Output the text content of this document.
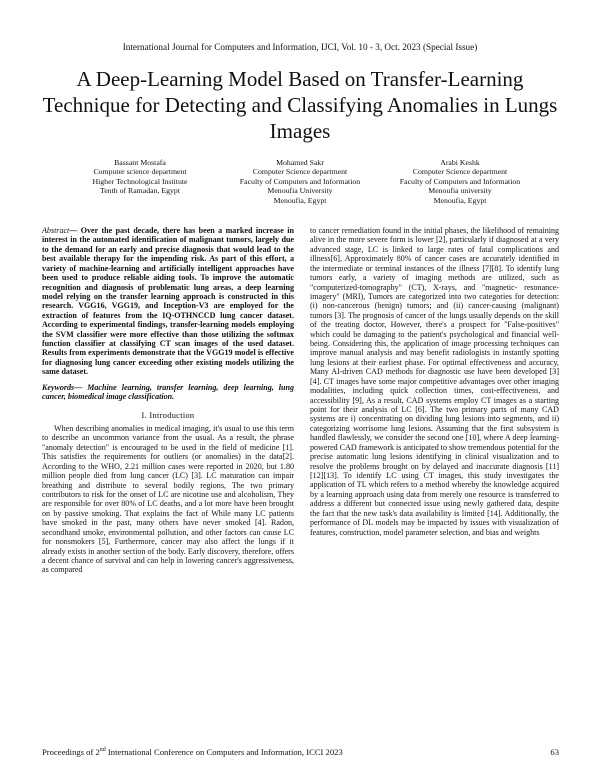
International Journal for Computers and Information, IJCI, Vol. 10 - 3, Oct. 2023 (Special Issue)
A Deep-Learning Model Based on Transfer-Learning Technique for Detecting and Classifying Anomalies in Lungs Images
Bassant Mostafa
Computer science department
Higher Technological Institute
Tenth of Ramadan, Egypt
Mohamed Sakr
Computer Science department
Faculty of Computers and Information
Menoufia University
Menoufia, Egypt
Arabi Keshk
Computer Science department
Faculty of Computers and Information
Menoufia university
Menoufia, Egypt

Abstract— Over the past decade, there has been a marked increase in interest in the automated identification of malignant tumors, largely due to the demand for an early and precise diagnosis that would lead to the best available therapy for the impending risk. As part of this effort, a variety of machine-learning and artificially intelligent approaches have been used to produce reliable aiding tools. To improve the automatic recognition and diagnosis of problematic lung areas, a deep learning model relying on the transfer learning approach is constructed in this research. VGG16, VGG19, and Inception-V3 are employed for the extraction of features from the IQ-OTHNCCD lung cancer dataset. According to experimental findings, transfer-learning models employing the SVM classifier were more effective than those utilizing the softmax function classifier at classifying CT scan images of the used dataset. Results from experiments demonstrate that the VGG19 model is effective for diagnosing lung cancer exceeding other existing models utilizing the same dataset.

Keywords— Machine learning, transfer learning, deep learning, lung cancer, biomedical image classification.

I. Introduction

When describing anomalies in medical imaging, it's usual to use this term to describe an uncommon variance from the usual. As a result, the phrase "anomaly detection" is encouraged to be used in the field of medicine [1]. This satisfies the requirements for outliers (or anomalies) in the data[2]. According to the WHO, 2.21 million cases were reported in 2020, but 1.80 million people died from lung cancer (LC) [3]. LC maturation can impair breathing and distribute to several bodily regions, The two primary contributors to risk for the onset of LC are nicotine use and alcoholism, They are responsible for over 80% of LC deaths, and a lot more have been brought on by passive smoking. That explains the fact of While many LC patients have smoked in the past, many others have never smoked [4]. Radon, secondhand smoke, environmental pollution, and other factors can cause LC for nonsmokers [5], Furthermore, cancer may also affect the lungs if it already exists in another section of the body. Early discovery, therefore, offers a decent chance of survival and can help in lowering cancer's aggressiveness, as compared

to cancer remediation found in the initial phases, the likelihood of remaining alive in the more severe form is lower [2], particularly if diagnosed at a very advanced stage, LC is linked to large rates of fatal complications and illness[6], Approximately 80% of cancer cases are accurately identified in the intermediate or terminal instances of the illness [7][8]. To identify lung tumors early, a variety of imaging methods are utilized, such as "computerized-tomography" (CT), X-rays, and "magnetic- resonance-imagery" (MRI), Tumors are categorized into two categories for detection: (i) non-cancerous (benign) tumors; and (ii) cancer-causing (malignant) tumors [3]. The prognosis of cancer of the lungs usually depends on the skill of the treating doctor, However, there's a prospect for "False-positives" which could be damaging to the patient's psychological and financial well-being. Considering this, the application of image processing techniques can improve manual analysis and may benefit radiologists in instantly spotting lung lesions at their earliest phase. For optimal effectiveness and accuracy, Many AI-driven CAD methods for diagnostic use have been developed [3][4]. CT images have some major competitive advantages over other imaging modalities, including quick collection times, cost-effectiveness, and accessibility [9], As a result, CAD systems employ CT images as a starting point for their analysis of LC [6]. The two primary parts of many CAD systems are i) concentrating on dividing lung lesions into segments, and ii) categorizing worrisome lung lesions. Assuming that the first subsystem is handled flawlessly, we consider the second one [10], where A deep learning-powered CAD framework is anticipated to show tremendous potential for the precise automatic lung lesions identifying in clinical visualization and to resolve the problems brought on by delayed and inaccurate diagnosis [11][12][13]. To identify LC using CT images, this study investigates the application of TL which refers to a method whereby the knowledge acquired by a learning approach using data from merely one resource is transferred to address a different but connected issue using newly gathered data, despite the fact that the new task's data availability is limited [14]. Additionally, the performance of DL models may be impacted by issues with visualization of features, construction, model parameter selection, and bias and weights

Proceedings of 2nd International Conference on Computers and Information, ICCI 2023	63
